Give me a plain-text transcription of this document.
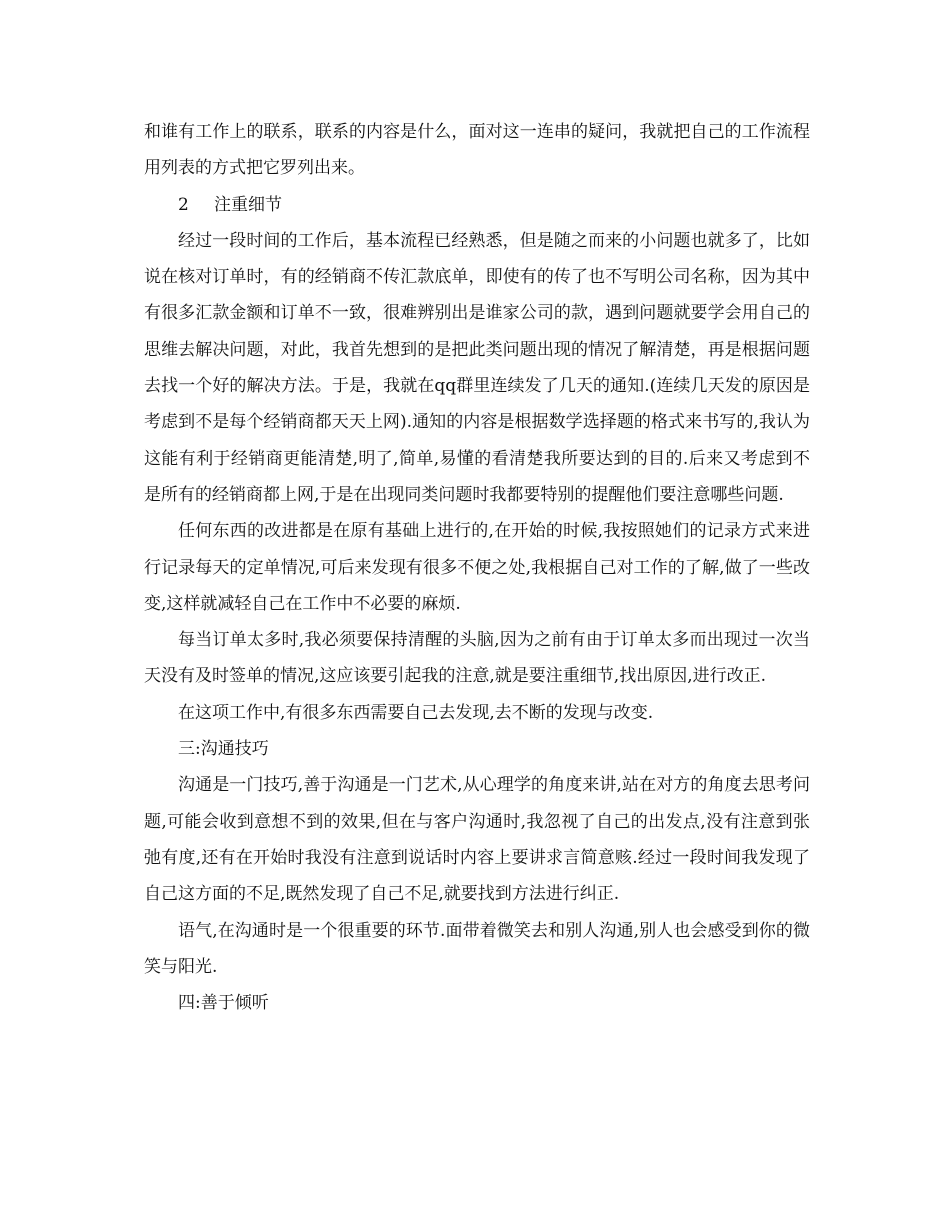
和谁有工作上的联系，联系的内容是什么，面对这一连串的疑问，我就把自己的工作流程用列表的方式把它罗列出来。

2 注重细节

经过一段时间的工作后，基本流程已经熟悉，但是随之而来的小问题也就多了，比如说在核对订单时，有的经销商不传汇款底单，即使有的传了也不写明公司名称，因为其中有很多汇款金额和订单不一致，很难辨别出是谁家公司的款，遇到问题就要学会用自己的思维去解决问题，对此，我首先想到的是把此类问题出现的情况了解清楚，再是根据问题去找一个好的解决方法。于是，我就在qq群里连续发了几天的通知.(连续几天发的原因是考虑到不是每个经销商都天天上网).通知的内容是根据数学选择题的格式来书写的,我认为这能有利于经销商更能清楚,明了,简单,易懂的看清楚我所要达到的目的.后来又考虑到不是所有的经销商都上网,于是在出现同类问题时我都要特别的提醒他们要注意哪些问题.

任何东西的改进都是在原有基础上进行的,在开始的时候,我按照她们的记录方式来进行记录每天的定单情况,可后来发现有很多不便之处,我根据自己对工作的了解,做了一些改变,这样就减轻自己在工作中不必要的麻烦.

每当订单太多时,我必须要保持清醒的头脑,因为之前有由于订单太多而出现过一次当天没有及时签单的情况,这应该要引起我的注意,就是要注重细节,找出原因,进行改正.

在这项工作中,有很多东西需要自己去发现,去不断的发现与改变.

三:沟通技巧

沟通是一门技巧,善于沟通是一门艺术,从心理学的角度来讲,站在对方的角度去思考问题,可能会收到意想不到的效果,但在与客户沟通时,我忽视了自己的出发点,没有注意到张弛有度,还有在开始时我没有注意到说话时内容上要讲求言简意赅.经过一段时间我发现了自己这方面的不足,既然发现了自己不足,就要找到方法进行纠正.

语气,在沟通时是一个很重要的环节.面带着微笑去和别人沟通,别人也会感受到你的微笑与阳光.

四:善于倾听
